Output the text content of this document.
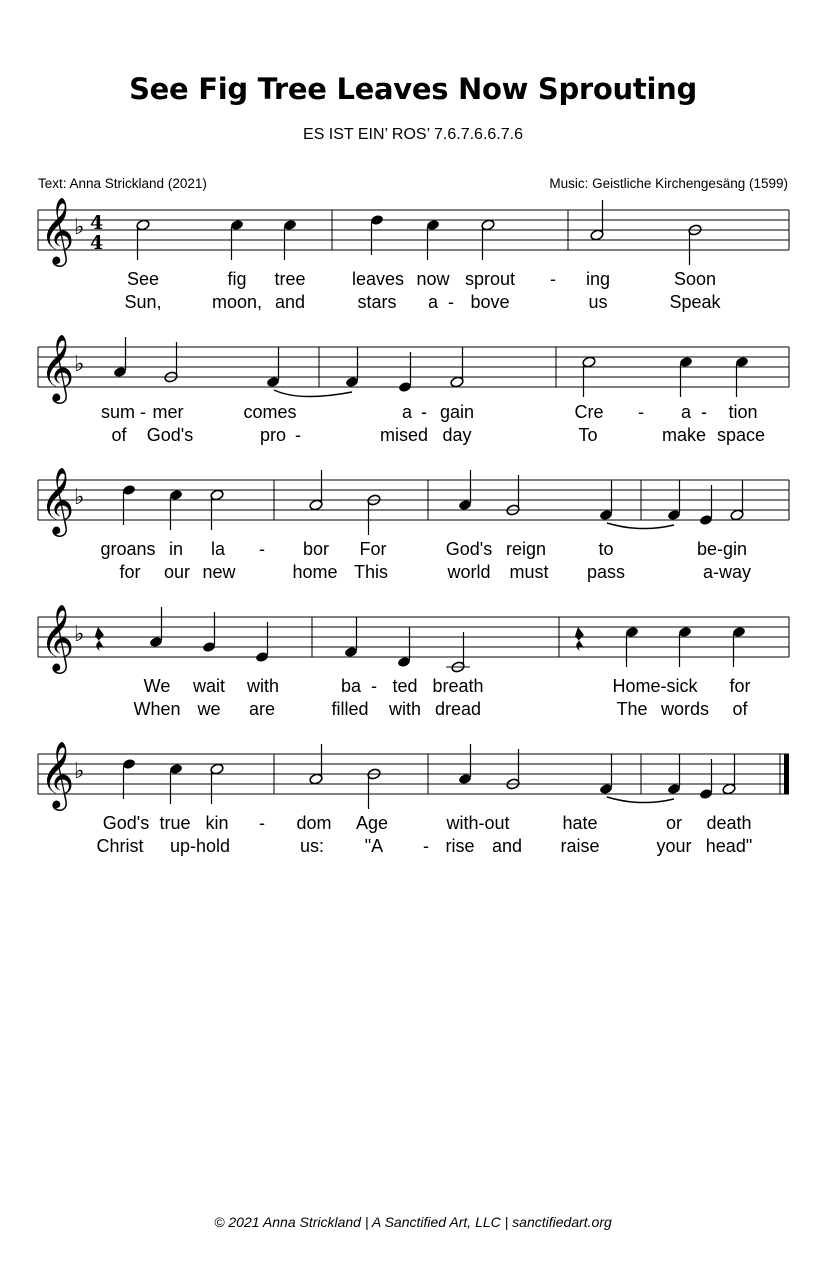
See Fig Tree Leaves Now Sprouting
ES IST EIN’ ROS’ 7.6.7.6.6.7.6
Text: Anna Strickland (2021)	Music: Geistliche Kirchengesäng (1599)
𝄞 ♭ 4
4
See	fig tree	leaves now sprout - ing	Soon
Sun,	moon, and	stars a - bove	us	Speak
𝄞 ♭
sum - mer	comes	a - gain	Cre - a - tion
of God's	pro -	mised day	To	make space
𝄞 ♭
groans in la - bor For	God's reign	to	be-gin
for our new	home This	world must pass	a-way
𝄞 ♭
We wait with	ba - ted breath	Home-sick for
When we are	filled with dread	The words of
𝄞 ♭
God's true kin - dom Age	with-out	hate	or death
Christ up-hold	us: "A - rise and raise	your head"
© 2021 Anna Strickland | A Sanctified Art, LLC | sanctifiedart.org
